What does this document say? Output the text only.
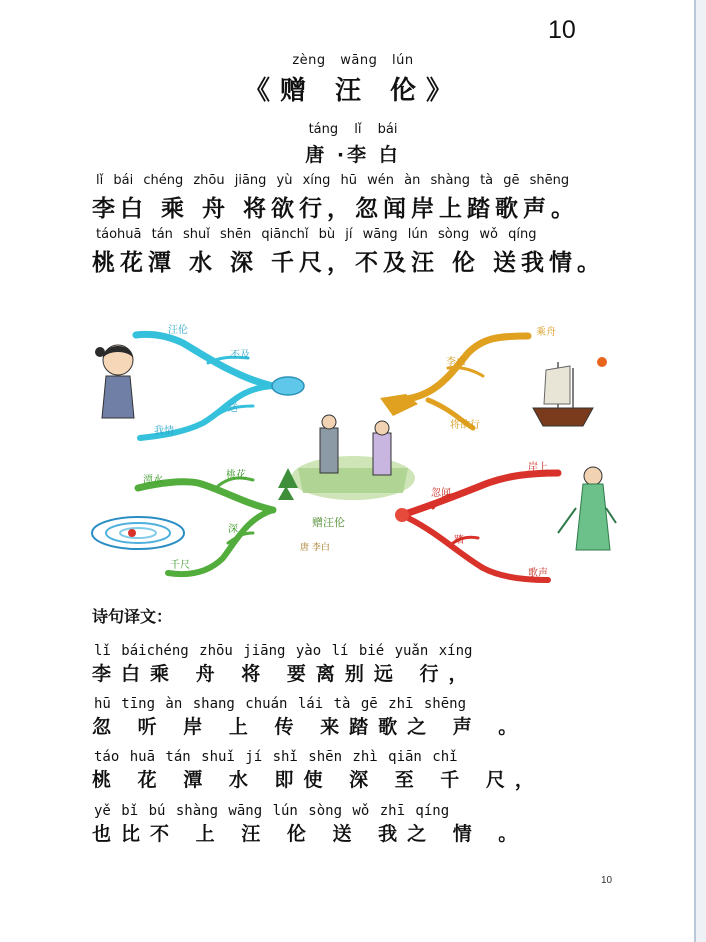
10
zèng wāng lún
《赠 汪 伦》
táng lǐ bái
唐 ·李 白
lǐ bái chéng zhōu jiāng yù xíng hū wén àn shàng tà gē shēng
李白 乘 舟 将欲行，忽闻岸上踏歌声。
táohuā tán shuǐ shēn qiānchǐ bù jí wāng lún sòng wǒ qíng
桃花潭 水 深 千尺，不及汪 伦 送我情。
汪伦
不及
送
我情
乘舟
李白
将欲行
赠汪伦
唐 李白
潭水	桃花
深
千尺
忽闻
岸上
踏
歌声
诗句译文：
lǐ báichéng zhōu jiāng yào lí bié yuǎn xíng
李白乘 舟 将 要离别远 行，
hū tīng àn shang chuán lái tà gē zhī shēng
忽 听 岸 上 传 来踏歌之 声 。
táo huā tán shuǐ jí shǐ shēn zhì qiān chǐ
桃 花 潭 水 即使 深 至 千 尺，
yě bǐ bú shàng wāng lún sòng wǒ zhī qíng
也比不 上 汪 伦 送 我之 情 。
10
